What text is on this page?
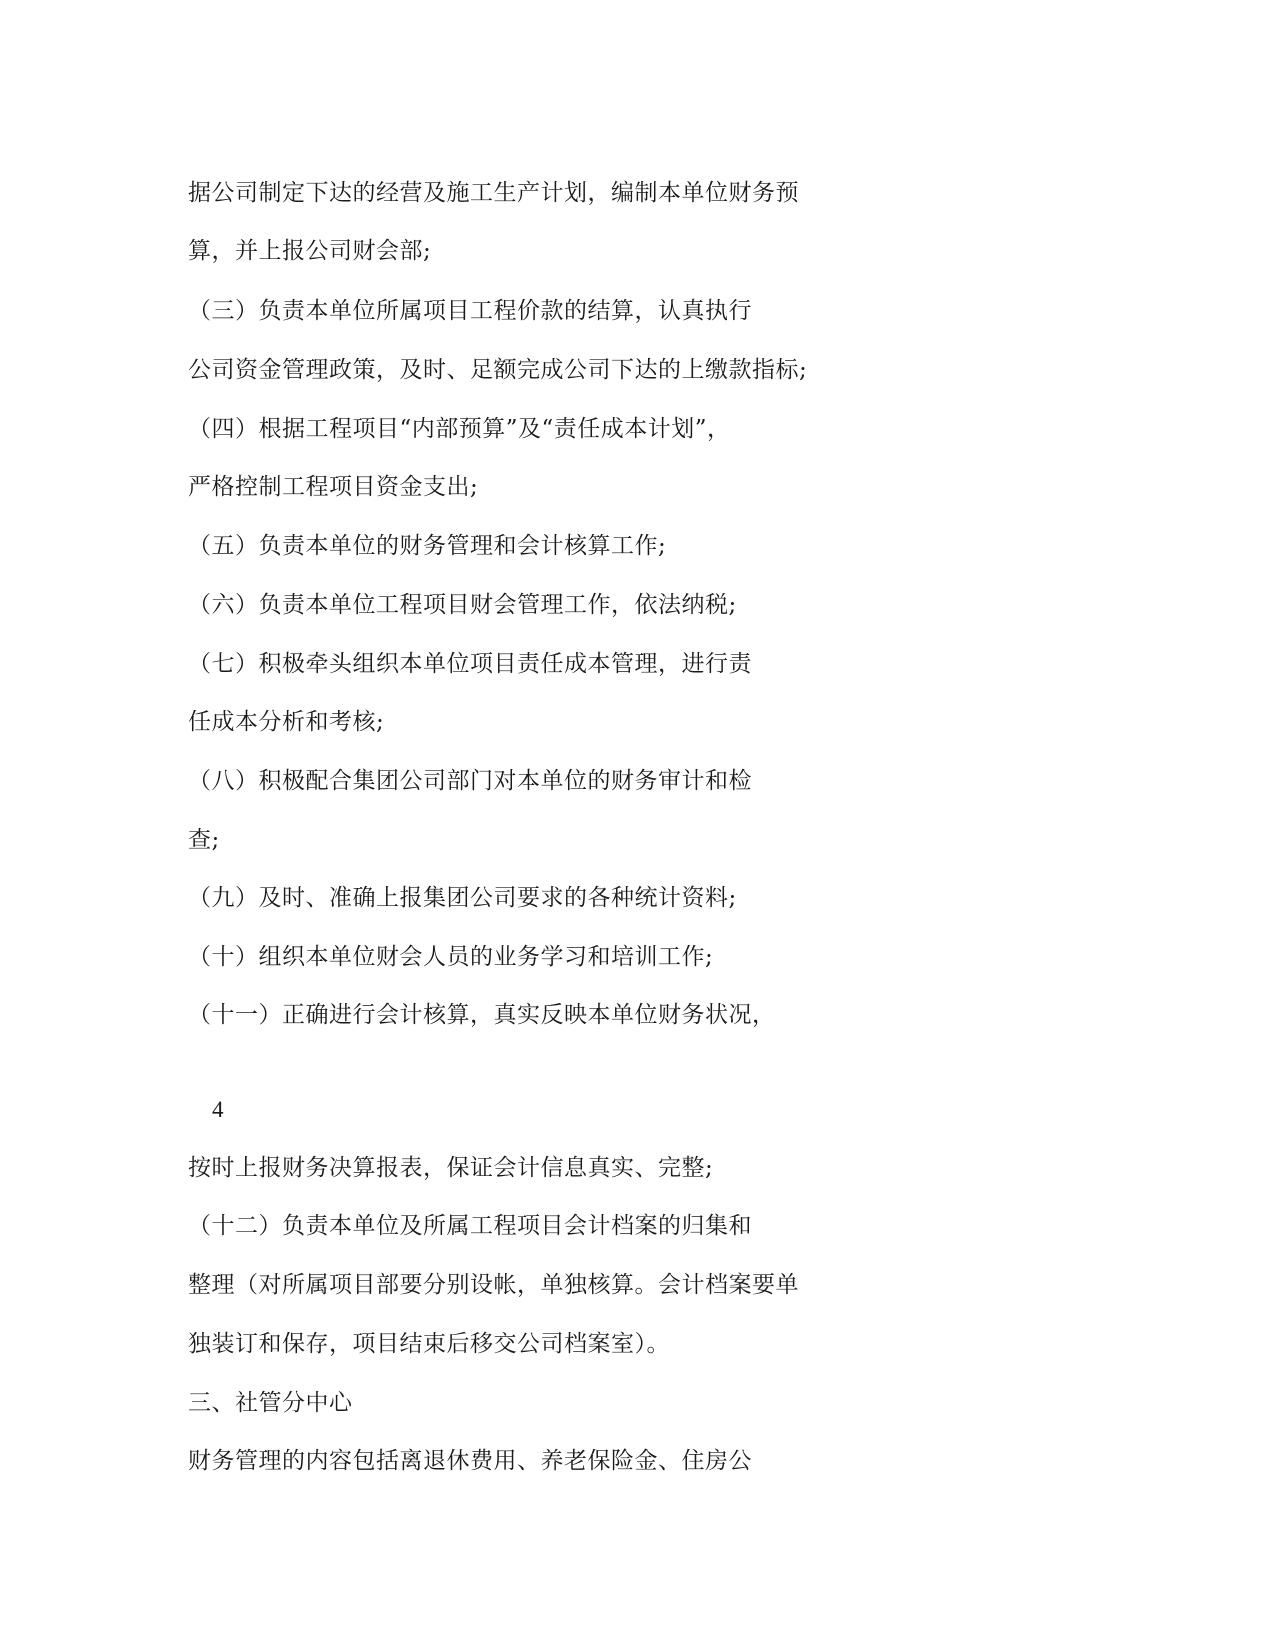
据公司制定下达的经营及施工生产计划，编制本单位财务预
算，并上报公司财会部;
（三）负责本单位所属项目工程价款的结算，认真执行
公司资金管理政策，及时、足额完成公司下达的上缴款指标;
（四）根据工程项目“内部预算”及“责任成本计划”，
严格控制工程项目资金支出;
（五）负责本单位的财务管理和会计核算工作;
（六）负责本单位工程项目财会管理工作，依法纳税;
（七）积极牵头组织本单位项目责任成本管理，进行责
任成本分析和考核;
（八）积极配合集团公司部门对本单位的财务审计和检
查;
（九）及时、准确上报集团公司要求的各种统计资料;
（十）组织本单位财会人员的业务学习和培训工作;
（十一）正确进行会计核算，真实反映本单位财务状况，
4
按时上报财务决算报表，保证会计信息真实、完整;
（十二）负责本单位及所属工程项目会计档案的归集和
整理（对所属项目部要分别设帐，单独核算。会计档案要单
独装订和保存，项目结束后移交公司档案室）。
三、社管分中心
财务管理的内容包括离退休费用、养老保险金、住房公
